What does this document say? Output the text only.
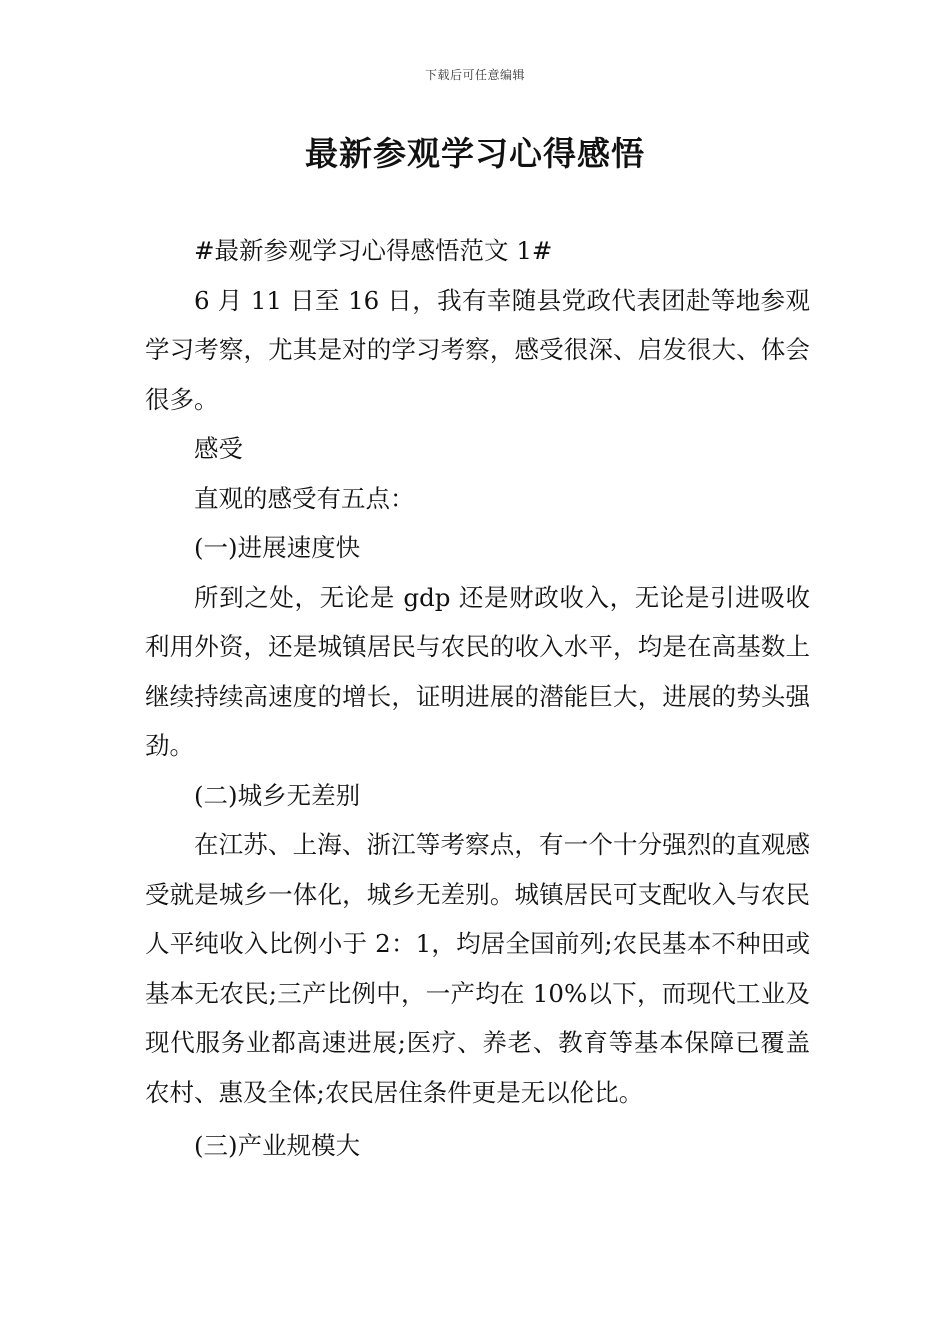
下载后可任意编辑
最新参观学习心得感悟

#最新参观学习心得感悟范文 1#

6 月 11 日至 16 日，我有幸随县党政代表团赴等地参观学习考察，尤其是对的学习考察，感受很深、启发很大、体会很多。

感受

直观的感受有五点：

(一)进展速度快

所到之处，无论是 gdp 还是财政收入，无论是引进吸收利用外资，还是城镇居民与农民的收入水平，均是在高基数上继续持续高速度的增长，证明进展的潜能巨大，进展的势头强劲。

(二)城乡无差别

在江苏、上海、浙江等考察点，有一个十分强烈的直观感受就是城乡一体化，城乡无差别。城镇居民可支配收入与农民人平纯收入比例小于 2：1，均居全国前列;农民基本不种田或基本无农民;三产比例中，一产均在 10%以下，而现代工业及现代服务业都高速进展;医疗、养老、教育等基本保障已覆盖农村、惠及全体;农民居住条件更是无以伦比。

(三)产业规模大
